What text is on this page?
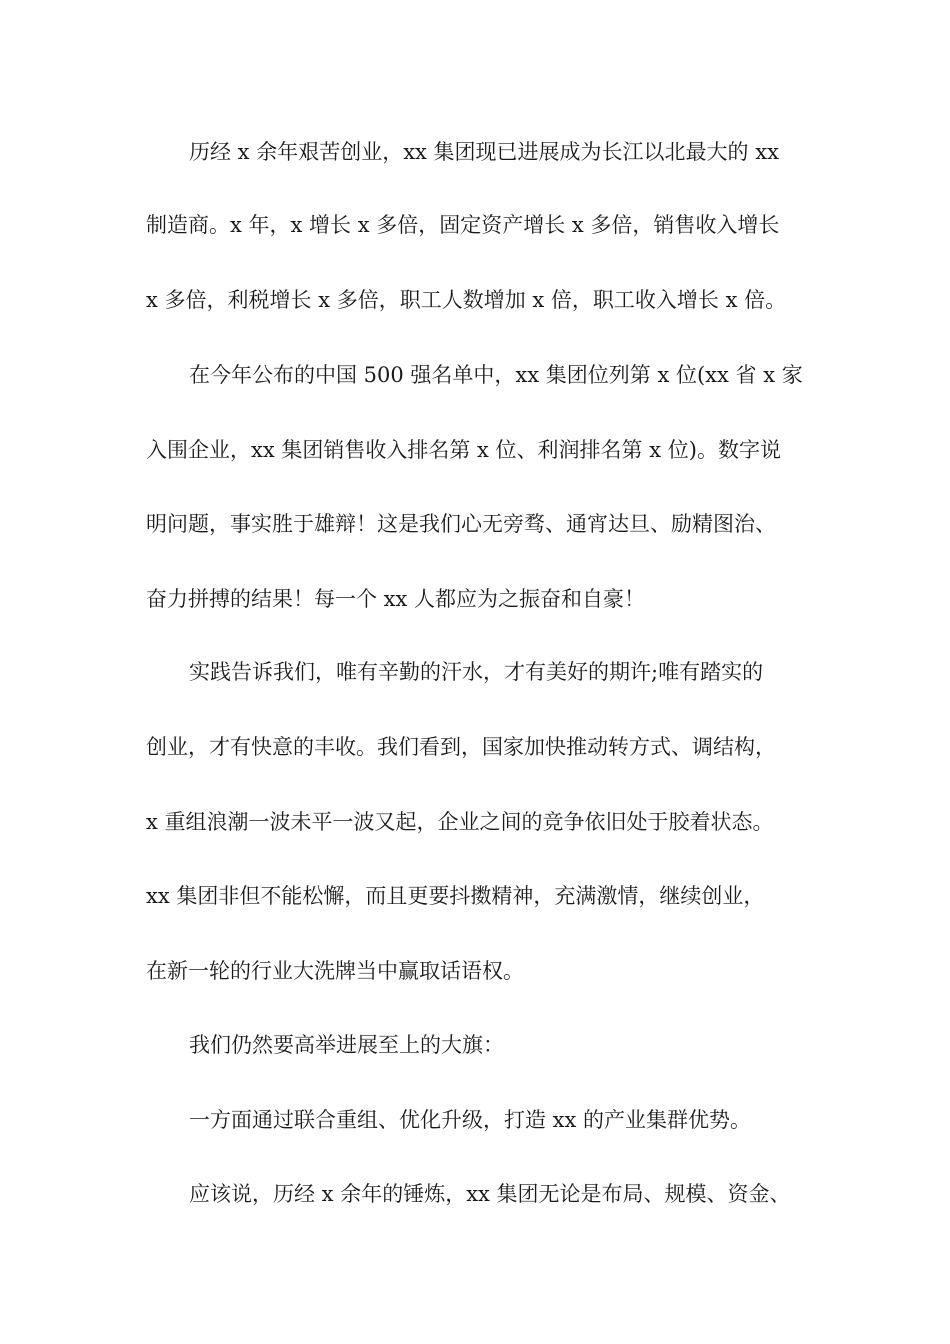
历经 x 余年艰苦创业，xx 集团现已进展成为长江以北最大的 xx

制造商。x 年，x 增长 x 多倍，固定资产增长 x 多倍，销售收入增长

x 多倍，利税增长 x 多倍，职工人数增加 x 倍，职工收入增长 x 倍。

在今年公布的中国 500 强名单中，xx 集团位列第 x 位(xx 省 x 家

入围企业，xx 集团销售收入排名第 x 位、利润排名第 x 位)。数字说

明问题，事实胜于雄辩！这是我们心无旁骛、通宵达旦、励精图治、

奋力拼搏的结果！每一个 xx 人都应为之振奋和自豪！

实践告诉我们，唯有辛勤的汗水，才有美好的期许;唯有踏实的

创业，才有快意的丰收。我们看到，国家加快推动转方式、调结构，

x 重组浪潮一波未平一波又起，企业之间的竞争依旧处于胶着状态。

xx 集团非但不能松懈，而且更要抖擞精神，充满激情，继续创业，

在新一轮的行业大洗牌当中赢取话语权。

我们仍然要高举进展至上的大旗：

一方面通过联合重组、优化升级，打造 xx 的产业集群优势。

应该说，历经 x 余年的锤炼，xx 集团无论是布局、规模、资金、
